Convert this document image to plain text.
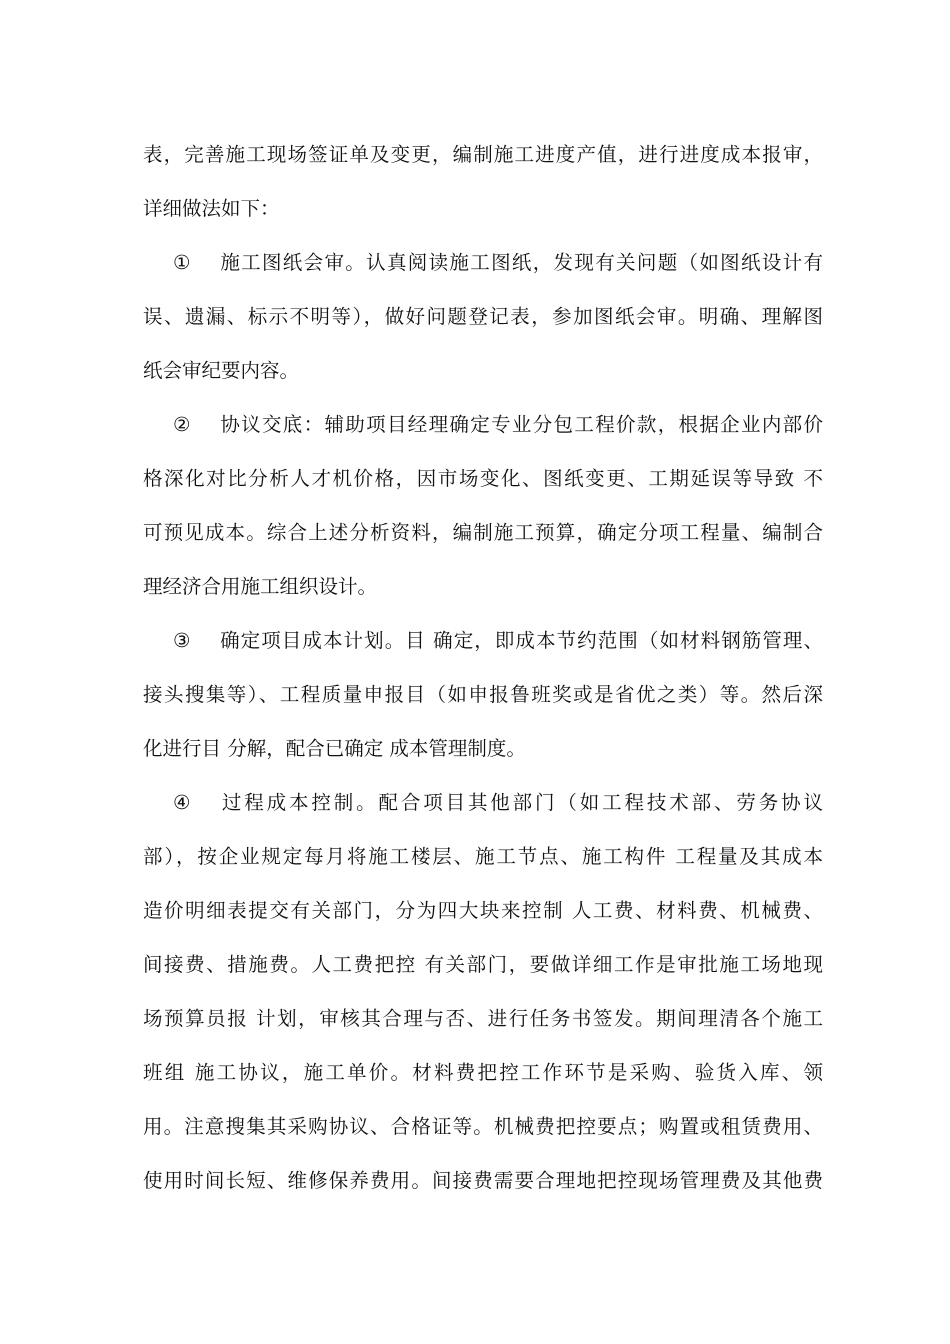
表，完善施工现场签证单及变更，编制施工进度产值，进行进度成本报审，
详细做法如下：
① 施工图纸会审。认真阅读施工图纸，发现有关问题（如图纸设计有
误、遗漏、标示不明等），做好问题登记表，参加图纸会审。明确、理解图
纸会审纪要内容。
② 协议交底：辅助项目经理确定专业分包工程价款，根据企业内部价
格深化对比分析人才机价格，因市场变化、图纸变更、工期延误等导致 不
可预见成本。综合上述分析资料，编制施工预算，确定分项工程量、编制合
理经济合用施工组织设计。
③ 确定项目成本计划。目 确定，即成本节约范围（如材料钢筋管理、
接头搜集等）、工程质量申报目（如申报鲁班奖或是省优之类）等。然后深
化进行目 分解，配合已确定 成本管理制度。
④ 过程成本控制。配合项目其他部门（如工程技术部、劳务协议
部），按企业规定每月将施工楼层、施工节点、施工构件 工程量及其成本
造价明细表提交有关部门，分为四大块来控制 人工费、材料费、机械费、
间接费、措施费。人工费把控 有关部门，要做详细工作是审批施工场地现
场预算员报 计划，审核其合理与否、进行任务书签发。期间理清各个施工
班组 施工协议，施工单价。材料费把控工作环节是采购、验货入库、领
用。注意搜集其采购协议、合格证等。机械费把控要点；购置或租赁费用、
使用时间长短、维修保养费用。间接费需要合理地把控现场管理费及其他费
